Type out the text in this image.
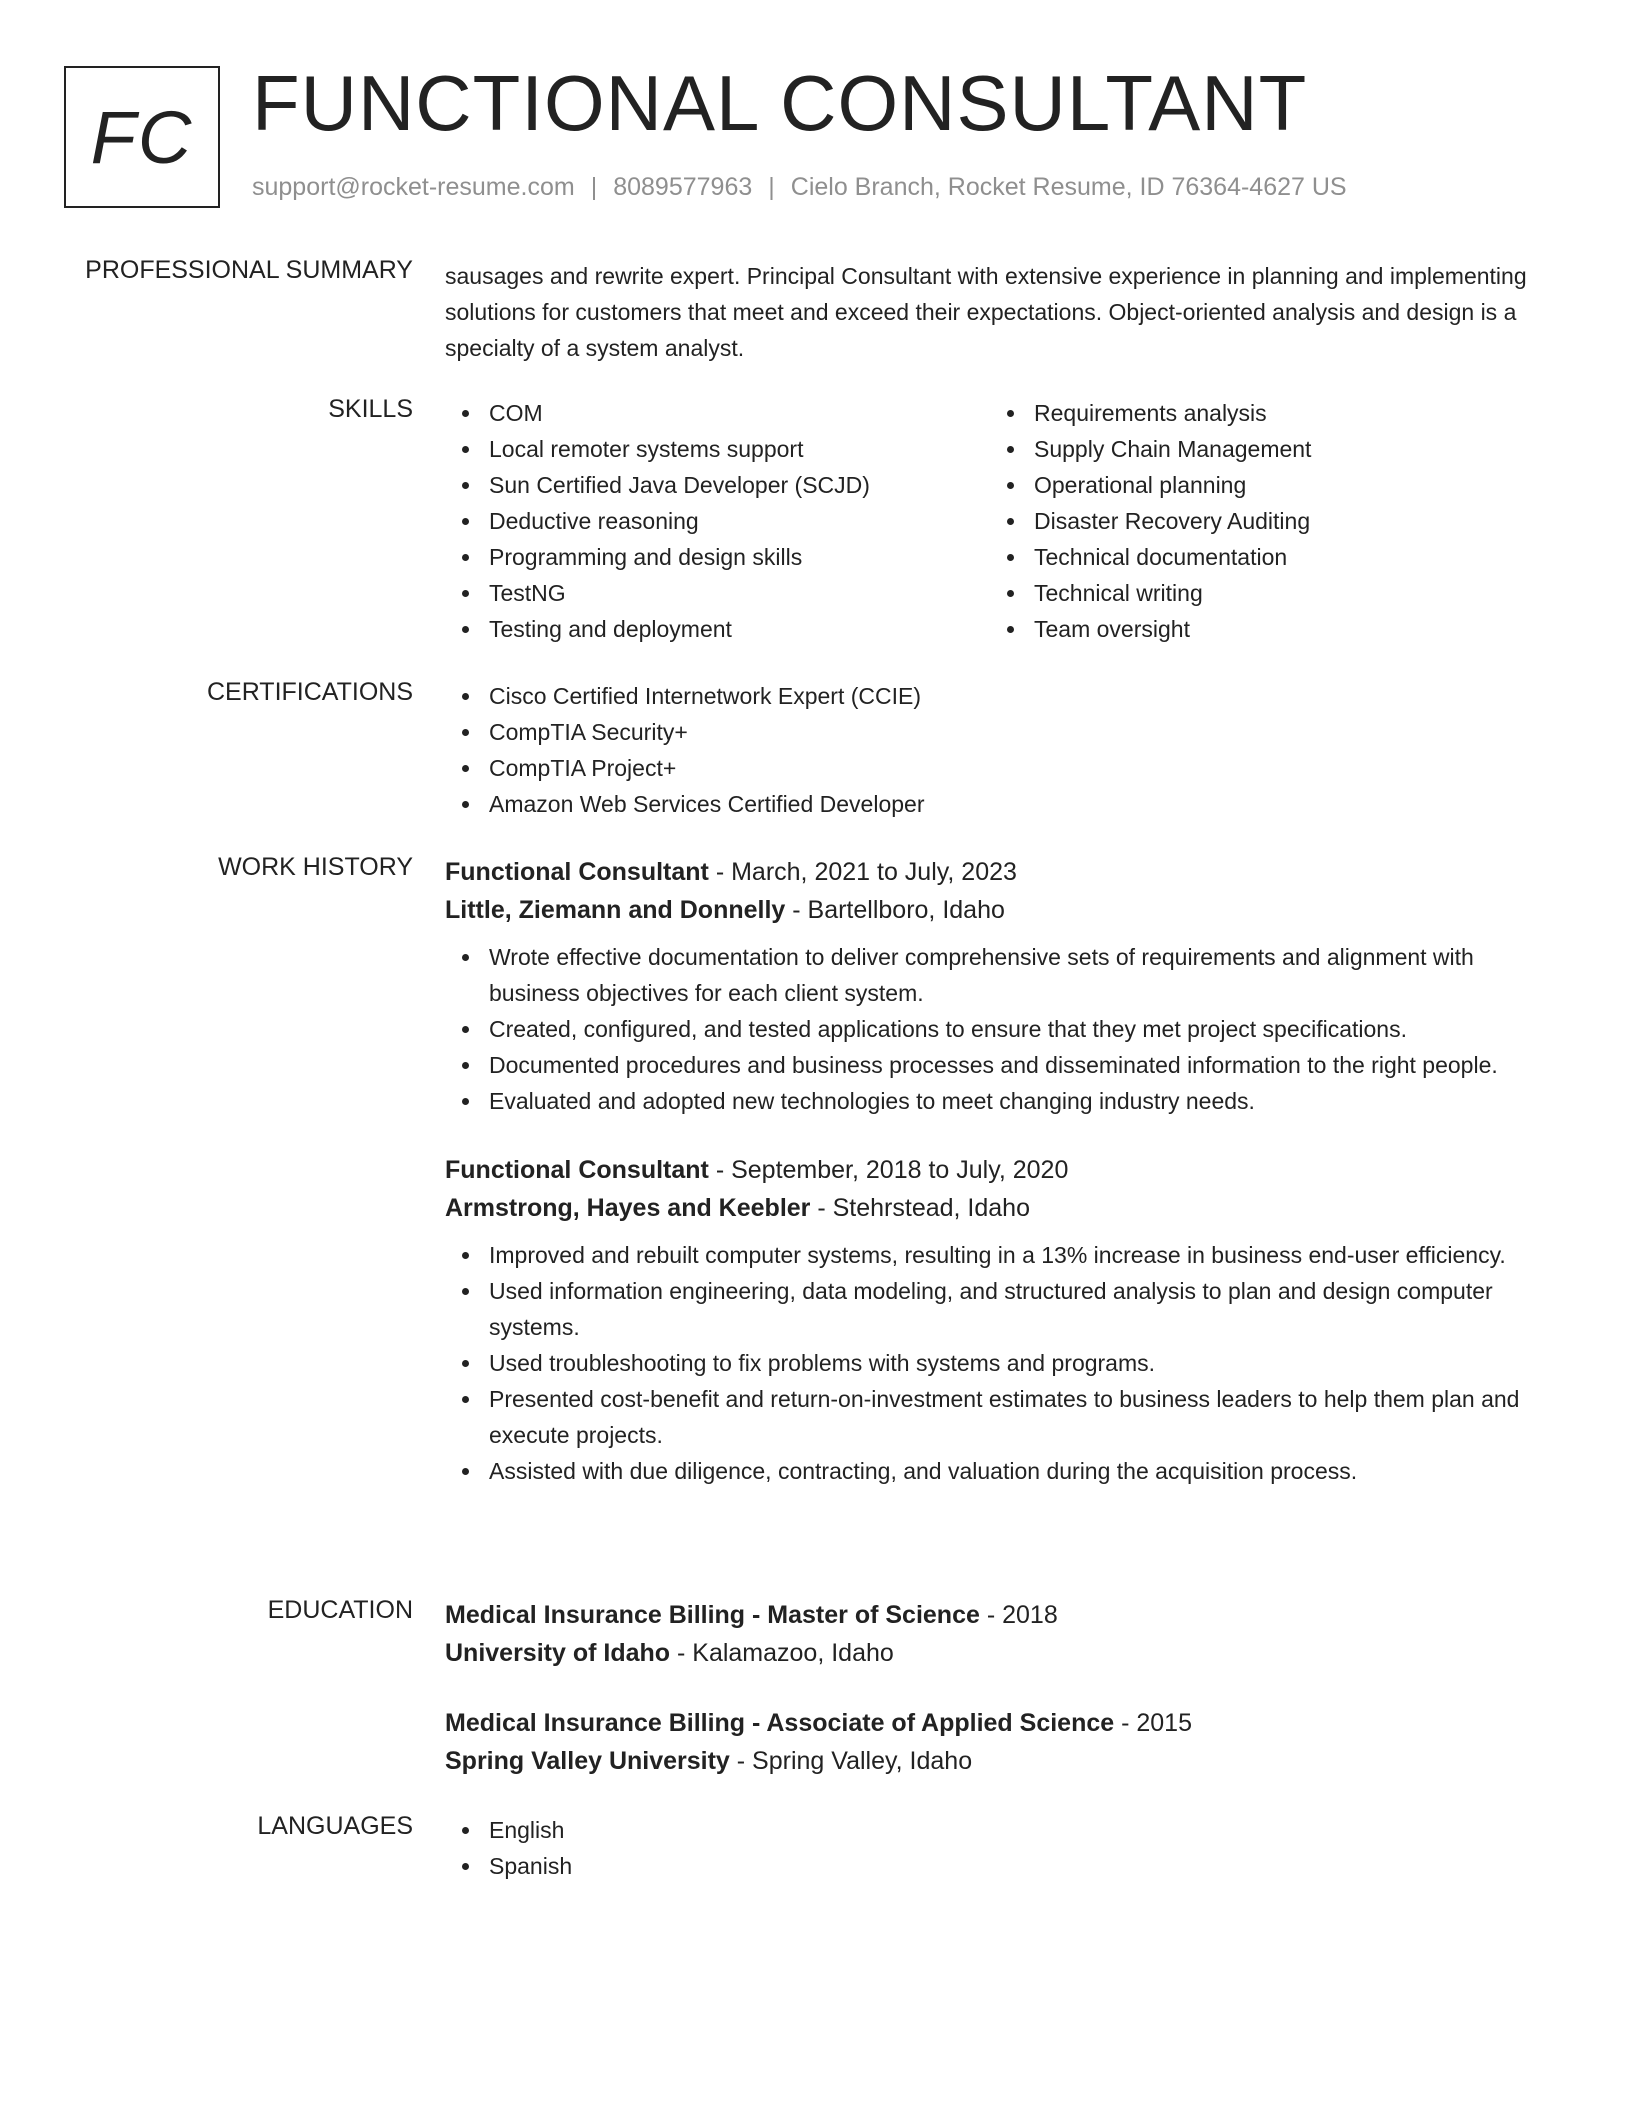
FC FUNCTIONAL CONSULTANT
support@rocket-resume.com | 8089577963 | Cielo Branch, Rocket Resume, ID 76364-4627 US
PROFESSIONAL SUMMARY sausages and rewrite expert. Principal Consultant with extensive experience in planning and implementing solutions for customers that meet and exceed their expectations. Object-oriented analysis and design is a specialty of a system analyst.
SKILLS	COM
Local remoter systems support
Sun Certified Java Developer (SCJD)
Deductive reasoning
Programming and design skills
TestNG
Testing and deployment
Requirements analysis
Supply Chain Management
Operational planning
Disaster Recovery Auditing
Technical documentation
Technical writing
Team oversight
CERTIFICATIONS	Cisco Certified Internetwork Expert (CCIE)
CompTIA Security+
CompTIA Project+
Amazon Web Services Certified Developer
WORK HISTORY Functional Consultant - March, 2021 to July, 2023
Little, Ziemann and Donnelly - Bartellboro, Idaho
Wrote effective documentation to deliver comprehensive sets of requirements and alignment with business objectives for each client system.
Created, configured, and tested applications to ensure that they met project specifications.
Documented procedures and business processes and disseminated information to the right people.
Evaluated and adopted new technologies to meet changing industry needs.
Functional Consultant - September, 2018 to July, 2020
Armstrong, Hayes and Keebler - Stehrstead, Idaho
Improved and rebuilt computer systems, resulting in a 13% increase in business end-user efficiency.
Used information engineering, data modeling, and structured analysis to plan and design computer systems.
Used troubleshooting to fix problems with systems and programs.
Presented cost-benefit and return-on-investment estimates to business leaders to help them plan and execute projects.
Assisted with due diligence, contracting, and valuation during the acquisition process.
EDUCATION Medical Insurance Billing - Master of Science - 2018
University of Idaho - Kalamazoo, Idaho
Medical Insurance Billing - Associate of Applied Science - 2015
Spring Valley University - Spring Valley, Idaho
LANGUAGES	English
Spanish
